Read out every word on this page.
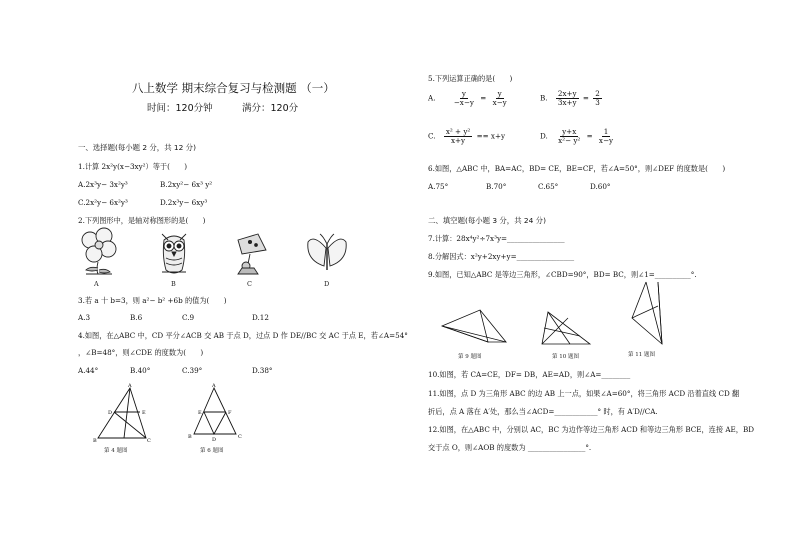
八上数学 期末综合复习与检测题 （一）
时间：120分钟	满分：120分
一、选择题(每小题 2 分，共 12 分)
1.计算 2x²y(x−3xy²）等于(　　)
A.2x³y− 3x²y³	B.2xy²− 6x³ y²
C.2x²y− 6x²y³	D.2x³y− 6xy³
2.下列图形中，是轴对称图形的是(　　)
A	B	C	D
3.若 a 十 b=3，则 a²− b² +6b 的值为(　　)
A.3	B.6	C.9	D.12
4.如图，在△ABC 中，CD 平分∠ACB 交 AB 于点 D，过点 D 作 DE//BC 交 AC 于点 E，若∠A=54°
，∠B=48°，则∠CDE 的度数为(　　)
A.44°	B.40°	C.39°	D.38°
A
B	C
D	E
第 4 题图
A
B	C
D
E	F
第 6 题图
5.下列运算正确的是(　　)
A. $\frac{y}{-x-y} = \frac{y}{x-y}$	B. $\frac{2x+y}{3x+y} = \frac{2}{3}$
C. $\frac{\text{x² + y²}}{x+y} == x+y$	D. $\frac{y+x}{\text{x²− y²}} = \frac{1}{x-y}$
6.如图，△ABC 中，BA=AC，BD= CE，BE=CF，若∠A=50°，则∠DEF 的度数是(　　)
A.75°	B.70°	C.65°	D.60°
二、填空题(每小题 3 分，共 24 分)
7.计算：28x⁴y²÷7x³y=________________
8.分解因式：x²y+2xy+y=________________
9.如图，已知△ABC 是等边三角形，∠CBD=90°，BD= BC，则∠1=__________°.
第 9 题图	第 10 题图	第 11 题图
10.如图，若 CA=CE，DF= DB，AE=AD，则∠A=________
11.如图，点 D 为三角形 ABC 的边 AB 上一点，如果∠A=60°，将三角形 ACD 沿着直线 CD 翻
折后，点 A 落在 A′处，那么当∠ACD=____________° 时，有 A′D//CA.
12.如图，在△ABC 中，分别以 AC，BC 为边作等边三角形 ACD 和等边三角形 BCE，连接 AE，BD
交于点 O，则∠AOB 的度数为 ________________°.
